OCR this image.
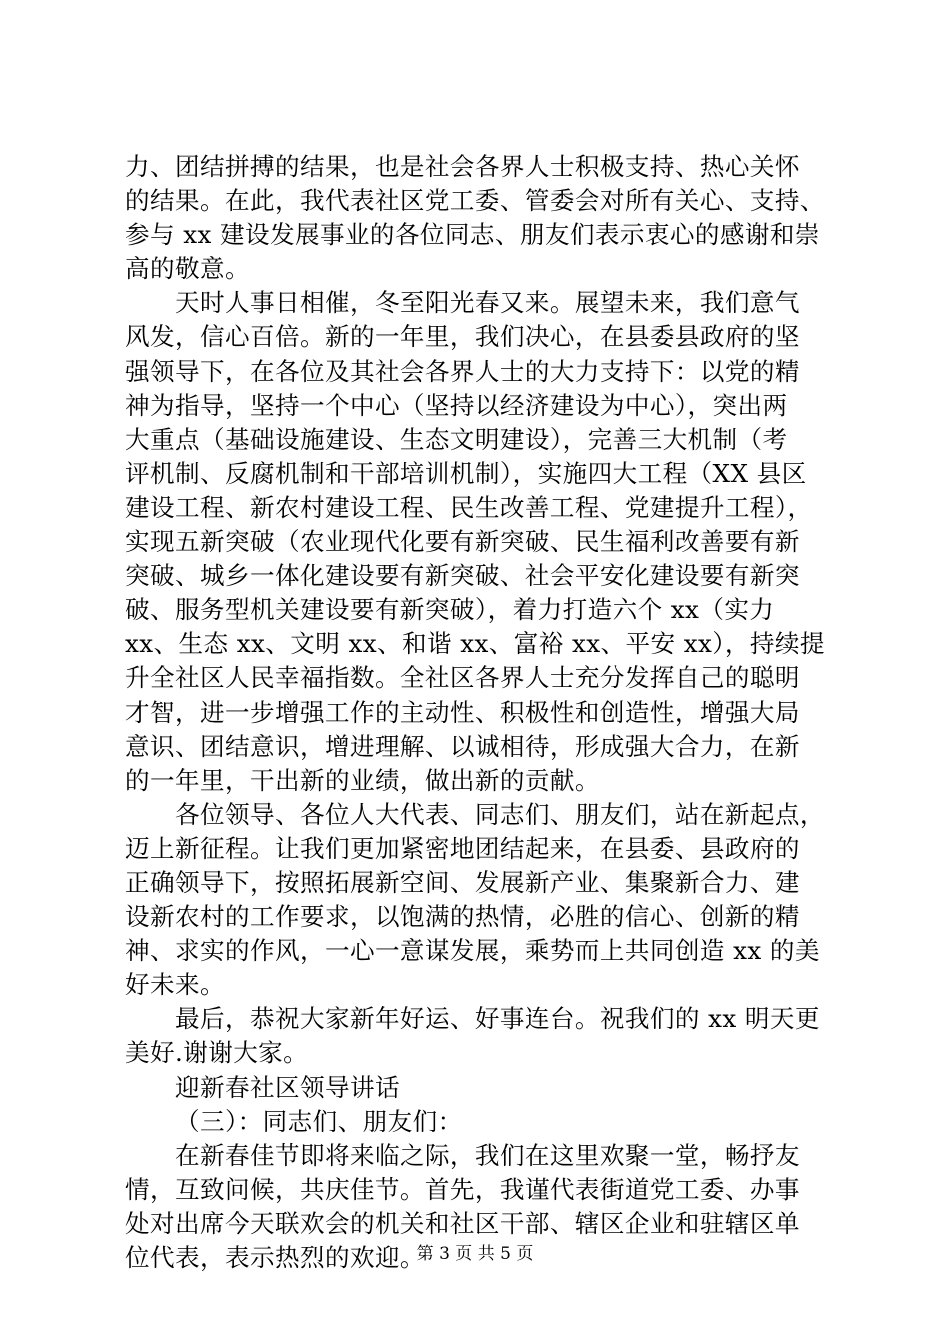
力、团结拼搏的结果，也是社会各界人士积极支持、热心关怀
的结果。在此，我代表社区党工委、管委会对所有关心、支持、
参与 xx 建设发展事业的各位同志、朋友们表示衷心的感谢和崇
高的敬意。
天时人事日相催，冬至阳光春又来。展望未来，我们意气
风发，信心百倍。新的一年里，我们决心，在县委县政府的坚
强领导下，在各位及其社会各界人士的大力支持下：以党的精
神为指导，坚持一个中心（坚持以经济建设为中心），突出两
大重点（基础设施建设、生态文明建设），完善三大机制（考
评机制、反腐机制和干部培训机制），实施四大工程（XX 县区
建设工程、新农村建设工程、民生改善工程、党建提升工程），
实现五新突破（农业现代化要有新突破、民生福利改善要有新
突破、城乡一体化建设要有新突破、社会平安化建设要有新突
破、服务型机关建设要有新突破），着力打造六个 xx（实力
xx、生态 xx、文明 xx、和谐 xx、富裕 xx、平安 xx），持续提
升全社区人民幸福指数。全社区各界人士充分发挥自己的聪明
才智，进一步增强工作的主动性、积极性和创造性，增强大局
意识、团结意识，增进理解、以诚相待，形成强大合力，在新
的一年里，干出新的业绩，做出新的贡献。
各位领导、各位人大代表、同志们、朋友们，站在新起点，
迈上新征程。让我们更加紧密地团结起来，在县委、县政府的
正确领导下，按照拓展新空间、发展新产业、集聚新合力、建
设新农村的工作要求，以饱满的热情，必胜的信心、创新的精
神、求实的作风，一心一意谋发展，乘势而上共同创造 xx 的美
好未来。
最后，恭祝大家新年好运、好事连台。祝我们的 xx 明天更
美好.谢谢大家。
迎新春社区领导讲话
（三）：同志们、朋友们：
在新春佳节即将来临之际，我们在这里欢聚一堂，畅抒友
情，互致问候，共庆佳节。首先，我谨代表街道党工委、办事
处对出席今天联欢会的机关和社区干部、辖区企业和驻辖区单
位代表，表示热烈的欢迎。
第 3 页 共 5 页
